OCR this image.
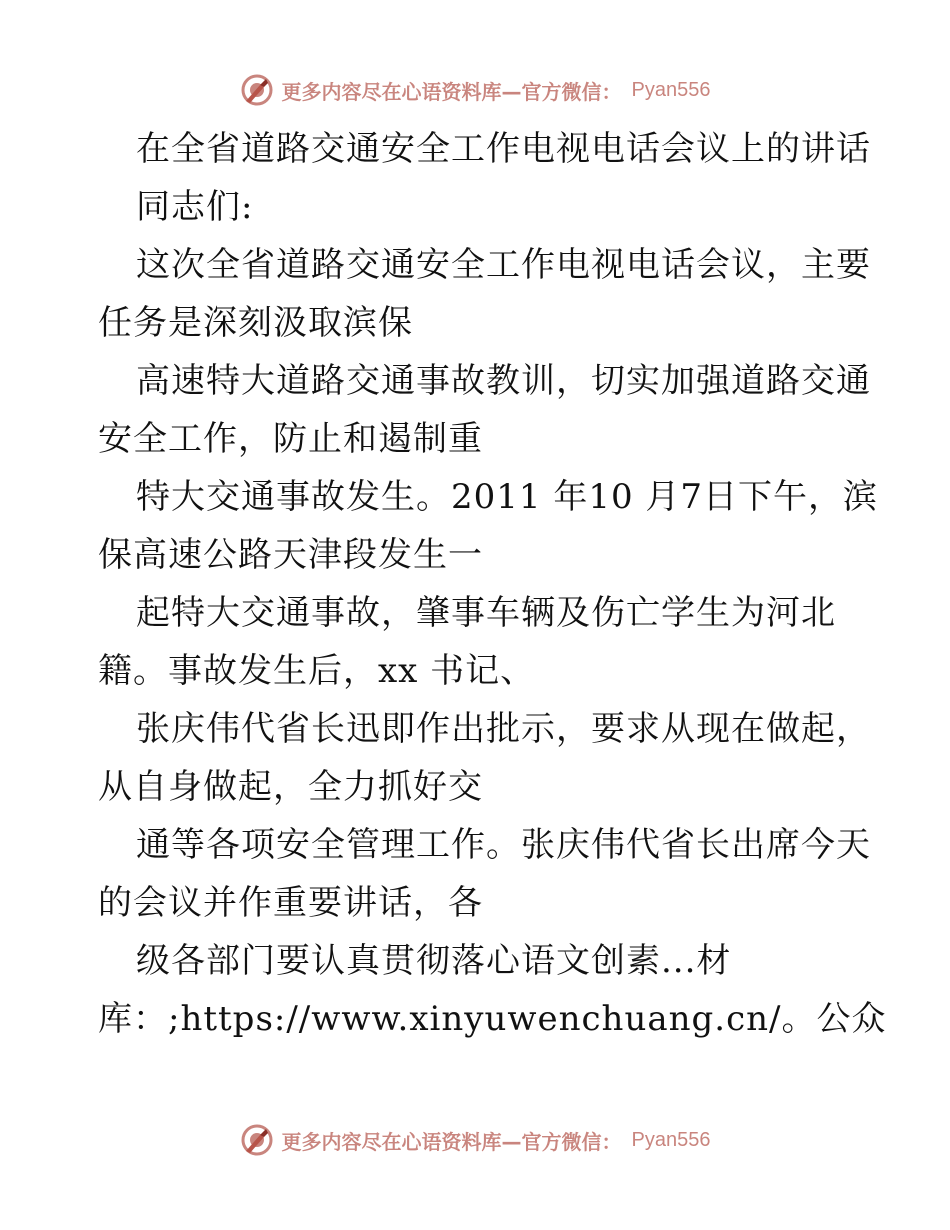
更多内容尽在心语资料库—官方微信： Pyan556
在全省道路交通安全工作电视电话会议上的讲话
同志们:
这次全省道路交通安全工作电视电话会议，主要
任务是深刻汲取滨保
高速特大道路交通事故教训，切实加强道路交通
安全工作，防止和遏制重
特大交通事故发生。2011 年10 月7日下午，滨
保高速公路天津段发生一
起特大交通事故，肇事车辆及伤亡学生为河北
籍。事故发生后，xx 书记、
张庆伟代省长迅即作出批示，要求从现在做起，
从自身做起，全力抓好交
通等各项安全管理工作。张庆伟代省长出席今天
的会议并作重要讲话，各
级各部门要认真贯彻落心语文创素...材
库：;https://www.xinyuwenchuang.cn/。公众
更多内容尽在心语资料库—官方微信： Pyan556
